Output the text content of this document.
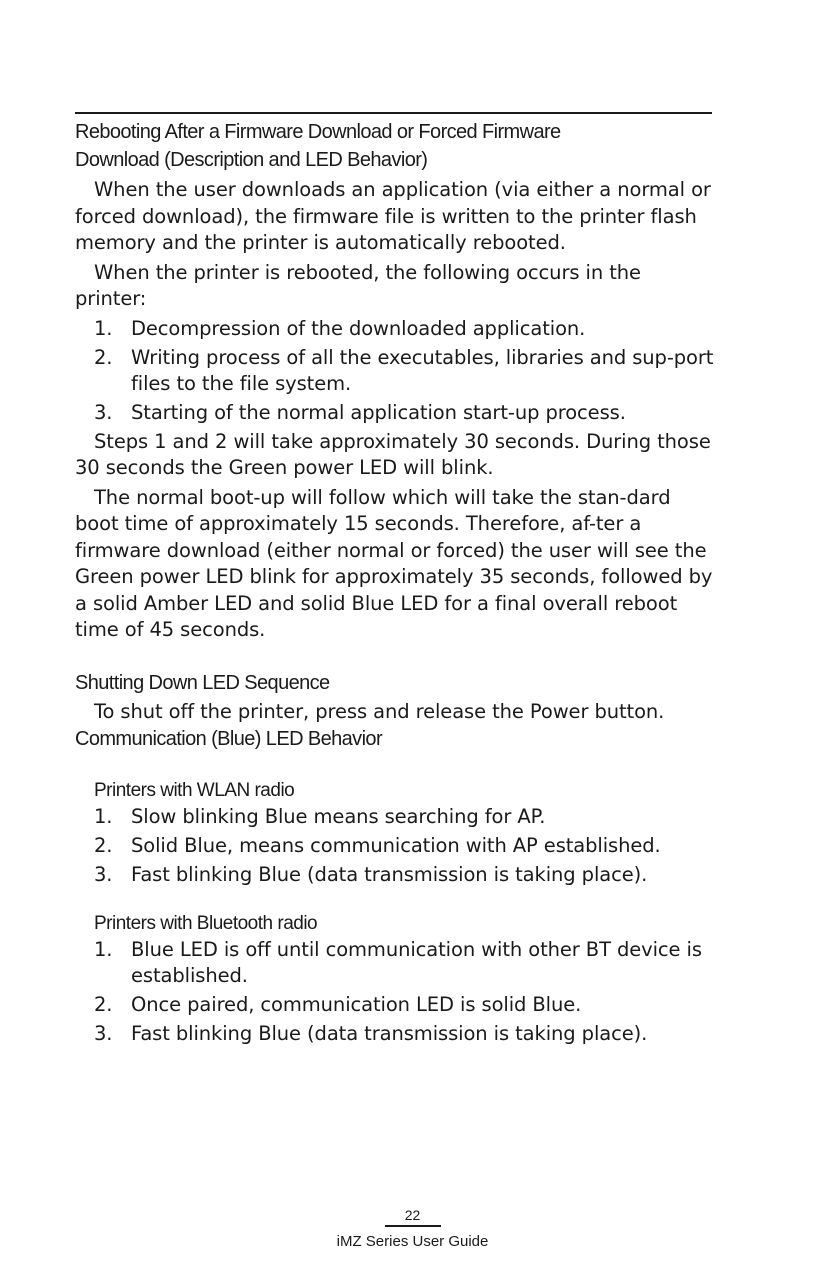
Rebooting After a Firmware Download or Forced Firmware
Download (Description and LED Behavior)

When the user downloads an application (via either a normal or forced download), the firmware file is written to the printer flash memory and the printer is automatically rebooted.

When the printer is rebooted, the following occurs in the printer:

1. Decompression of the downloaded application.
2. Writing process of all the executables, libraries and sup-port files to the file system.
3. Starting of the normal application start-up process.

Steps 1 and 2 will take approximately 30 seconds. During those 30 seconds the Green power LED will blink.

The normal boot-up will follow which will take the stan-dard boot time of approximately 15 seconds. Therefore, af-ter a firmware download (either normal or forced) the user will see the Green power LED blink for approximately 35 seconds, followed by a solid Amber LED and solid Blue LED for a final overall reboot time of 45 seconds.

Shutting Down LED Sequence

To shut off the printer, press and release the Power button.

Communication (Blue) LED Behavior
Printers with WLAN radio
1. Slow blinking Blue means searching for AP.
2. Solid Blue, means communication with AP established.
3. Fast blinking Blue (data transmission is taking place).
Printers with Bluetooth radio
1. Blue LED is off until communication with other BT device is established.
2. Once paired, communication LED is solid Blue.
3. Fast blinking Blue (data transmission is taking place).
22
iMZ Series User Guide
